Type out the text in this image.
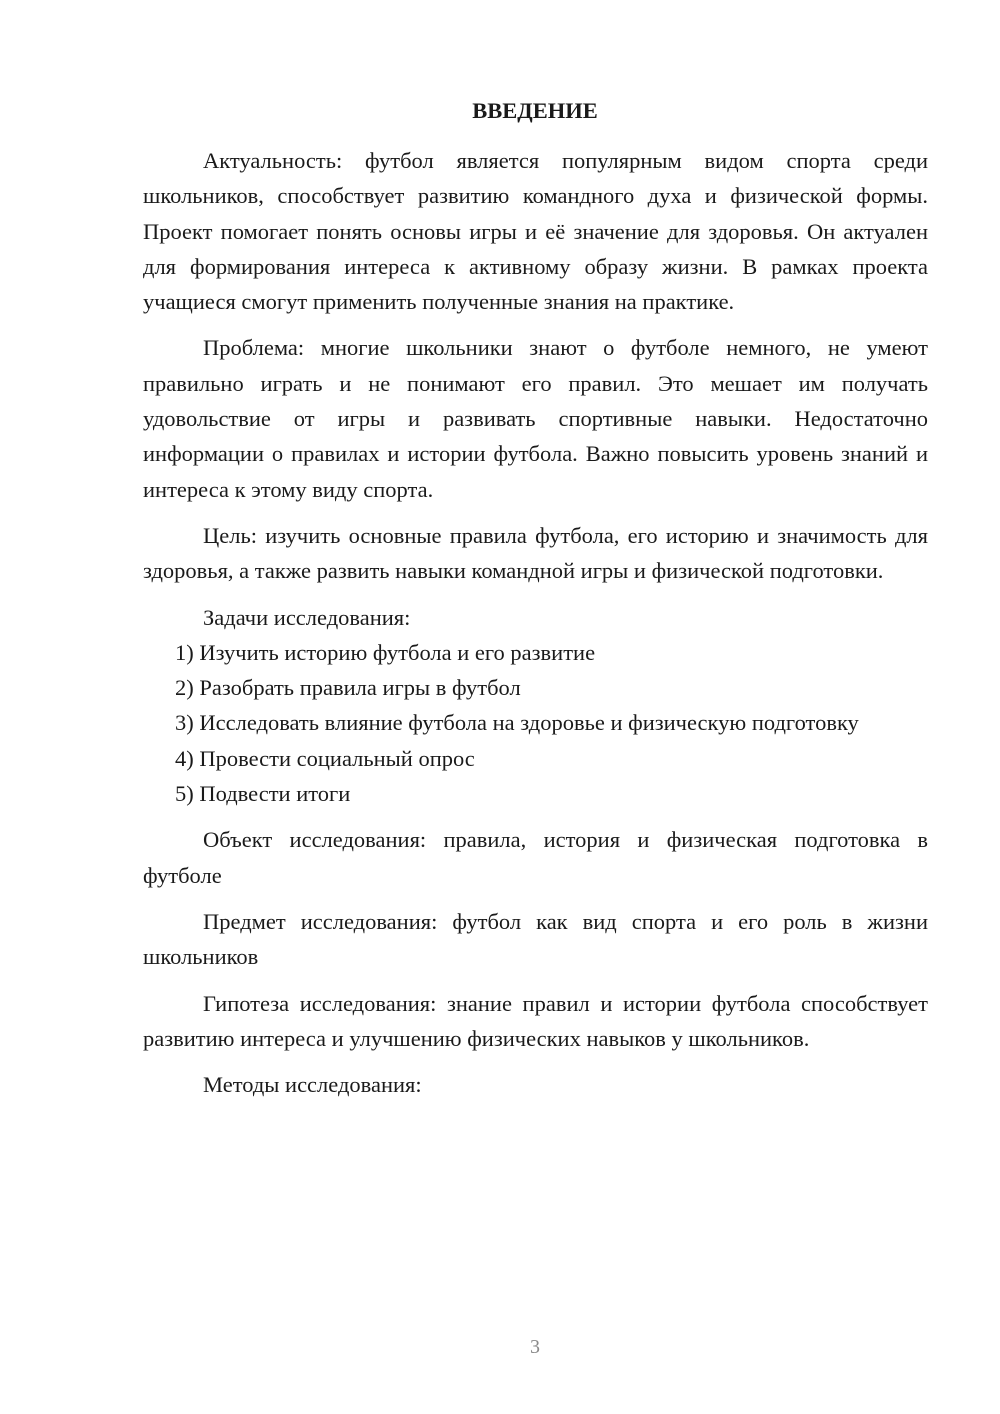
ВВЕДЕНИЕ

Актуальность: футбол является популярным видом спорта среди школьников, способствует развитию командного духа и физической формы. Проект помогает понять основы игры и её значение для здоровья. Он актуален для формирования интереса к активному образу жизни. В рамках проекта учащиеся смогут применить полученные знания на практике.

Проблема: многие школьники знают о футболе немного, не умеют правильно играть и не понимают его правил. Это мешает им получать удовольствие от игры и развивать спортивные навыки. Недостаточно информации о правилах и истории футбола. Важно повысить уровень знаний и интереса к этому виду спорта.

Цель: изучить основные правила футбола, его историю и значимость для здоровья, а также развить навыки командной игры и физической подготовки.

Задачи исследования:

1) Изучить историю футбола и его развитие

2) Разобрать правила игры в футбол

3) Исследовать влияние футбола на здоровье и физическую подготовку

4) Провести социальный опрос

5) Подвести итоги

Объект исследования: правила, история и физическая подготовка в футболе

Предмет исследования: футбол как вид спорта и его роль в жизни школьников

Гипотеза исследования: знание правил и истории футбола способствует развитию интереса и улучшению физических навыков у школьников.

Методы исследования:

3
